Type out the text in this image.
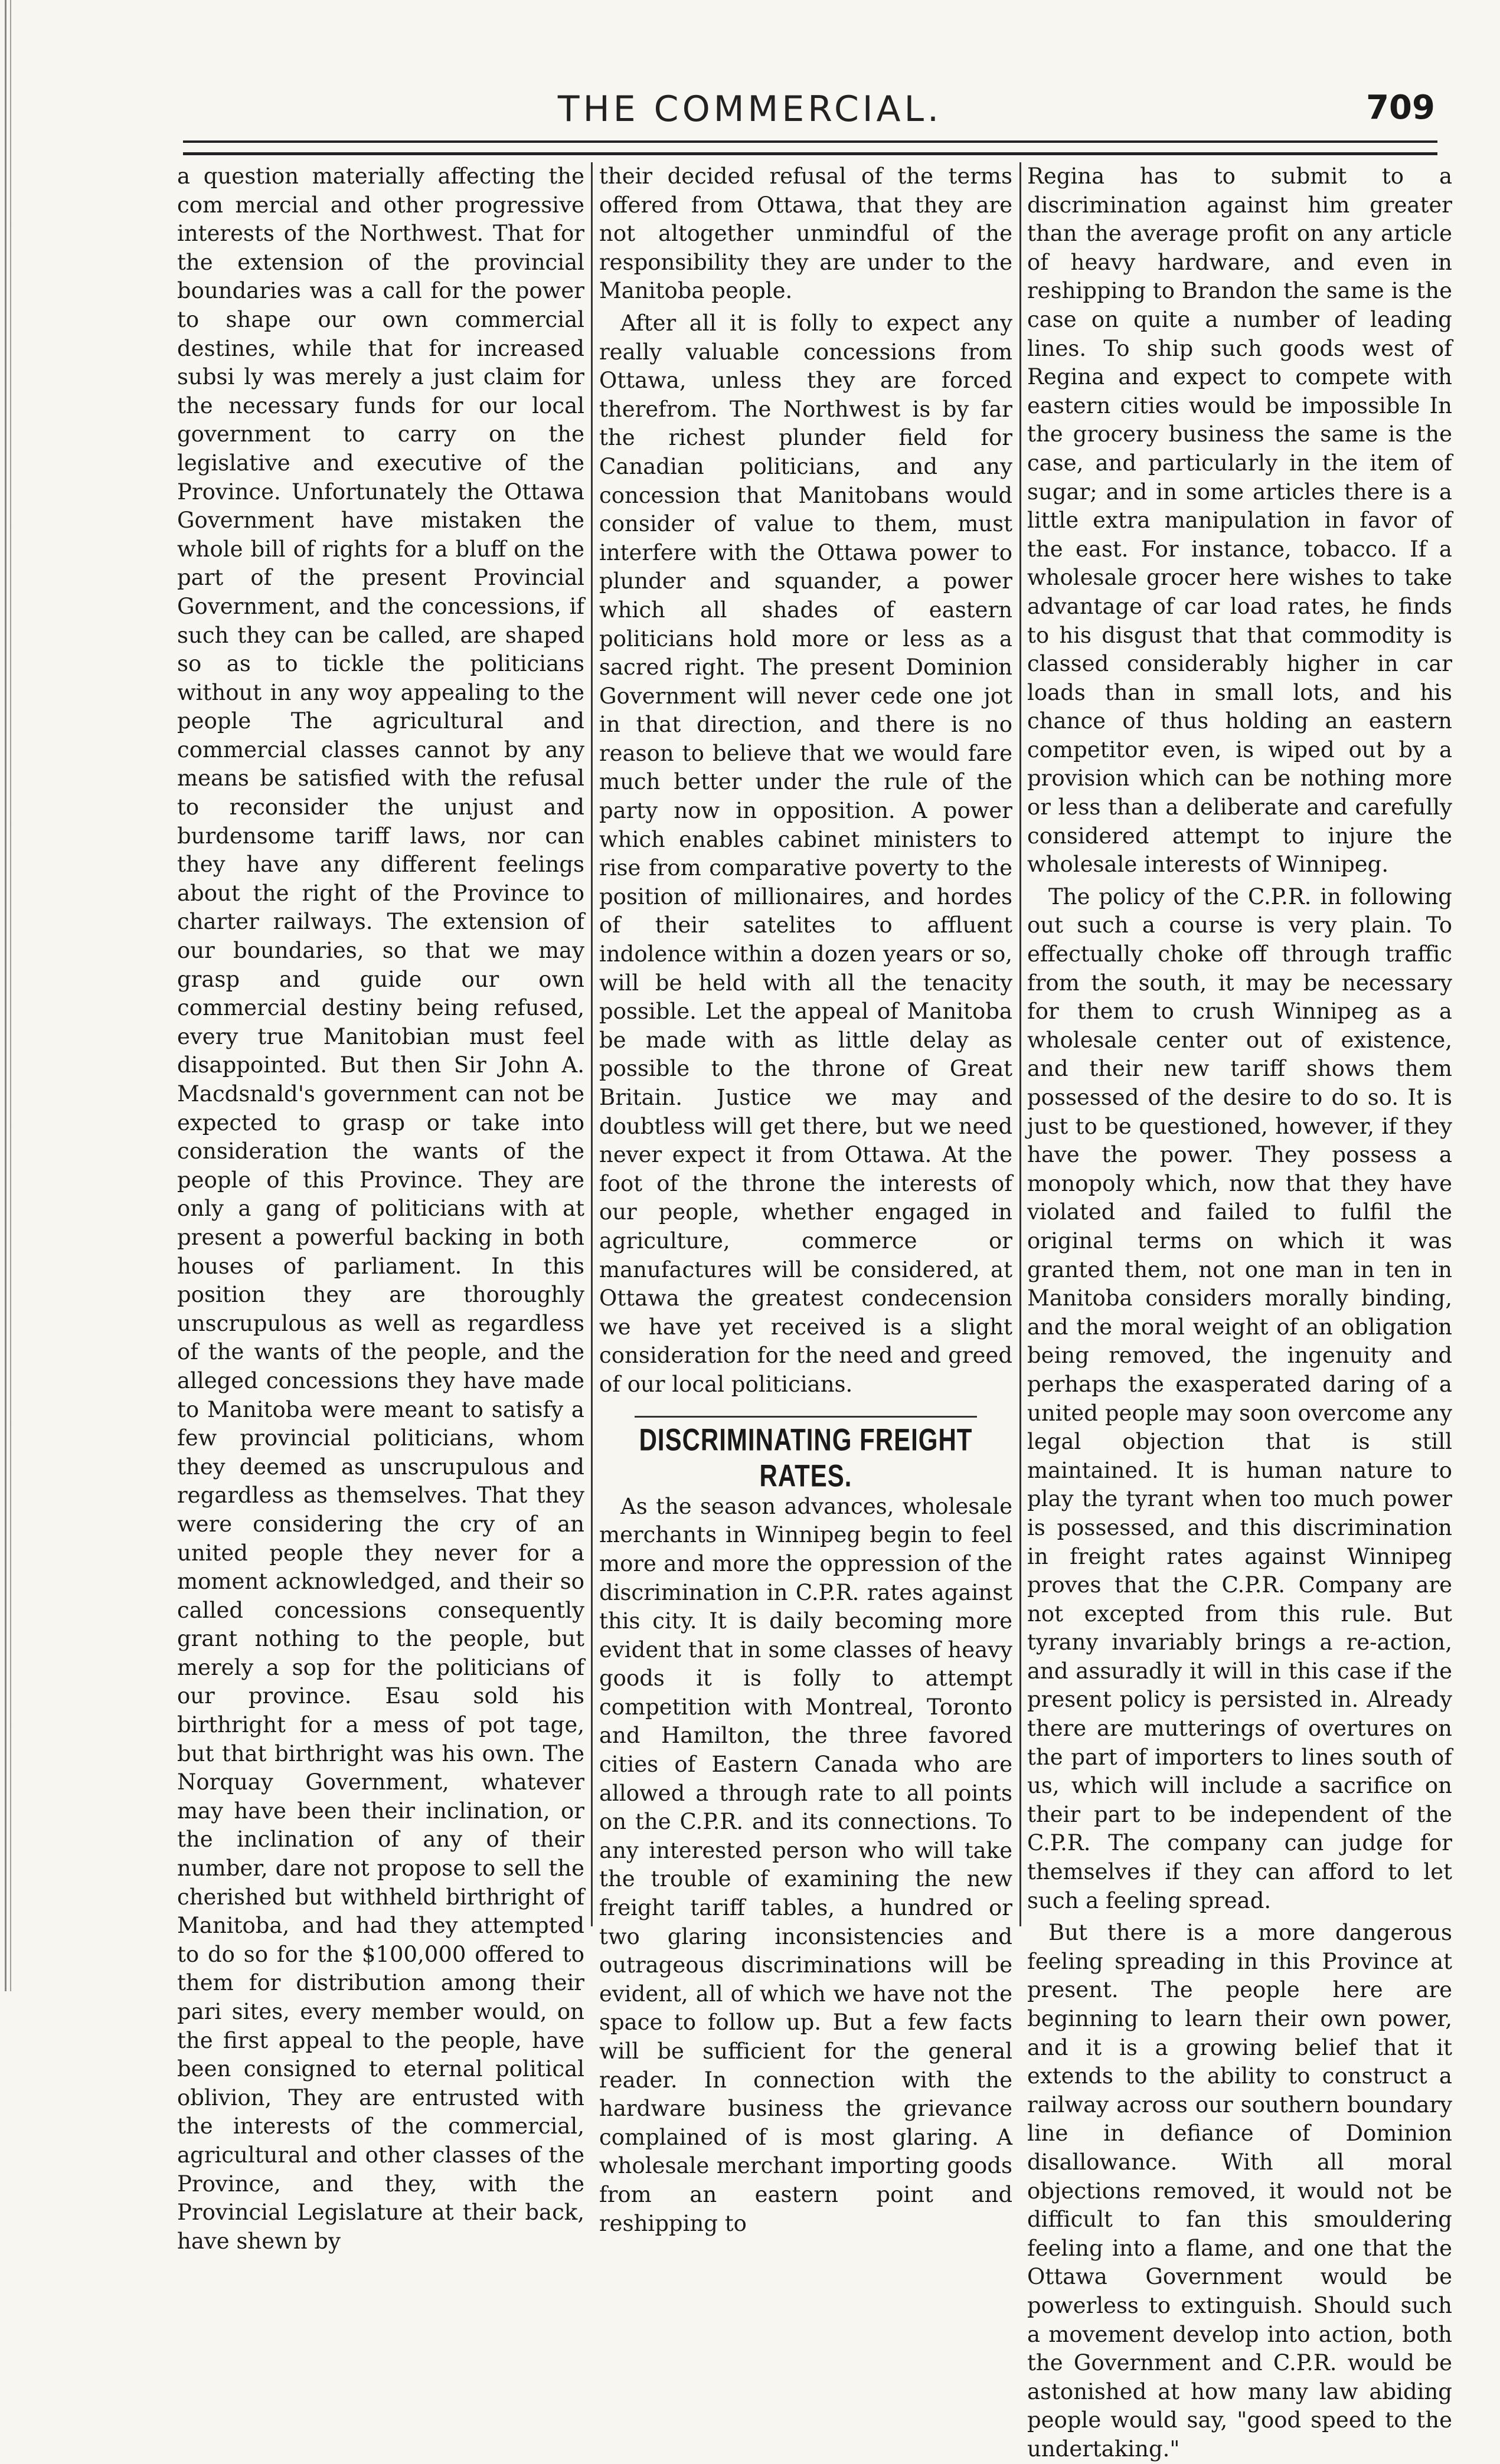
THE COMMERCIAL.	709

a question materially affecting the com mercial and other progressive interests of the Northwest. That for the extension of the provincial boundaries was a call for the power to shape our own commercial destines, while that for increased subsi ly was merely a just claim for the necessary funds for our local government to carry on the legislative and executive of the Province. Unfortunately the Ottawa Government have mistaken the whole bill of rights for a bluff on the part of the present Provincial Government, and the concessions, if such they can be called, are shaped so as to tickle the politicians without in any woy appealing to the people The agricultural and commercial classes cannot by any means be satisfied with the refusal to reconsider the unjust and burdensome tariff laws, nor can they have any different feelings about the right of the Province to charter railways. The extension of our boundaries, so that we may grasp and guide our own commercial destiny being refused, every true Manitobian must feel disappointed. But then Sir John A. Macdsnald's government can not be expected to grasp or take into consideration the wants of the people of this Province. They are only a gang of politicians with at present a powerful backing in both houses of parliament. In this position they are thoroughly unscrupulous as well as regardless of the wants of the people, and the alleged concessions they have made to Manitoba were meant to satisfy a few provincial politicians, whom they deemed as unscrupulous and regardless as themselves. That they were considering the cry of an united people they never for a moment acknowledged, and their so called concessions consequently grant nothing to the people, but merely a sop for the politicians of our province. Esau sold his birthright for a mess of pot tage, but that birthright was his own. The Norquay Government, whatever may have been their inclination, or the inclination of any of their number, dare not propose to sell the cherished but withheld birthright of Manitoba, and had they attempted to do so for the $100,000 offered to them for distribution among their pari sites, every member would, on the first appeal to the people, have been consigned to eternal political oblivion, They are entrusted with the interests of the commercial, agricultural and other classes of the Province, and they, with the Provincial Legislature at their back, have shewn by

their decided refusal of the terms offered from Ottawa, that they are not altogether unmindful of the responsibility they are under to the Manitoba people.

After all it is folly to expect any really valuable concessions from Ottawa, unless they are forced therefrom. The Northwest is by far the richest plunder field for Canadian politicians, and any concession that Manitobans would consider of value to them, must interfere with the Ottawa power to plunder and squander, a power which all shades of eastern politicians hold more or less as a sacred right. The present Dominion Government will never cede one jot in that direction, and there is no reason to believe that we would fare much better under the rule of the party now in opposition. A power which enables cabinet ministers to rise from comparative poverty to the position of millionaires, and hordes of their satelites to affluent indolence within a dozen years or so, will be held with all the tenacity possible. Let the appeal of Manitoba be made with as little delay as possible to the throne of Great Britain. Justice we may and doubtless will get there, but we need never expect it from Ottawa. At the foot of the throne the interests of our people, whether engaged in agriculture, commerce or manufactures will be considered, at Ottawa the greatest condecension we have yet received is a slight consideration for the need and greed of our local politicians.

DISCRIMINATING FREIGHT RATES.

As the season advances, wholesale merchants in Winnipeg begin to feel more and more the oppression of the discrimination in C.P.R. rates against this city. It is daily becoming more evident that in some classes of heavy goods it is folly to attempt competition with Montreal, Toronto and Hamilton, the three favored cities of Eastern Canada who are allowed a through rate to all points on the C.P.R. and its connections. To any interested person who will take the trouble of examining the new freight tariff tables, a hundred or two glaring inconsistencies and outrageous discriminations will be evident, all of which we have not the space to follow up. But a few facts will be sufficient for the general reader. In connection with the hardware business the grievance complained of is most glaring. A wholesale merchant importing goods from an eastern point and reshipping to

Regina has to submit to a discrimination against him greater than the average profit on any article of heavy hardware, and even in reshipping to Brandon the same is the case on quite a number of leading lines. To ship such goods west of Regina and expect to compete with eastern cities would be impossible In the grocery business the same is the case, and particularly in the item of sugar; and in some articles there is a little extra manipulation in favor of the east. For instance, tobacco. If a wholesale grocer here wishes to take advantage of car load rates, he finds to his disgust that that commodity is classed considerably higher in car loads than in small lots, and his chance of thus holding an eastern competitor even, is wiped out by a provision which can be nothing more or less than a deliberate and carefully considered attempt to injure the wholesale interests of Winnipeg.

The policy of the C.P.R. in following out such a course is very plain. To effectually choke off through traffic from the south, it may be necessary for them to crush Winnipeg as a wholesale center out of existence, and their new tariff shows them possessed of the desire to do so. It is just to be questioned, however, if they have the power. They possess a monopoly which, now that they have violated and failed to fulfil the original terms on which it was granted them, not one man in ten in Manitoba considers morally binding, and the moral weight of an obligation being removed, the ingenuity and perhaps the exasperated daring of a united people may soon overcome any legal objection that is still maintained. It is human nature to play the tyrant when too much power is possessed, and this discrimination in freight rates against Winnipeg proves that the C.P.R. Company are not excepted from this rule. But tyrany invariably brings a re-action, and assuradly it will in this case if the present policy is persisted in. Already there are mutterings of overtures on the part of importers to lines south of us, which will include a sacrifice on their part to be independent of the C.P.R. The company can judge for themselves if they can afford to let such a feeling spread.

But there is a more dangerous feeling spreading in this Province at present. The people here are beginning to learn their own power, and it is a growing belief that it extends to the ability to construct a railway across our southern boundary line in defiance of Dominion disallowance. With all moral objections removed, it would not be difficult to fan this smouldering feeling into a flame, and one that the Ottawa Government would be powerless to extinguish. Should such a movement develop into action, both the Government and C.P.R. would be astonished at how many law abiding people would say, "good speed to the undertaking."
